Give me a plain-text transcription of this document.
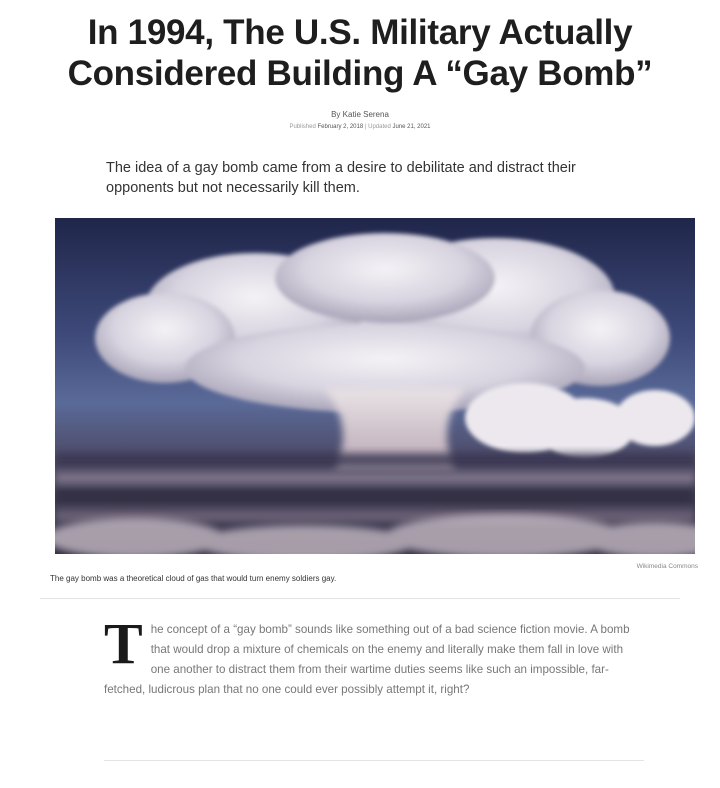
In 1994, The U.S. Military Actually Considered Building A “Gay Bomb”
By Katie Serena
Published February 2, 2018 | Updated June 21, 2021

The idea of a gay bomb came from a desire to debilitate and distract their opponents but not necessarily kill them.

Wikimedia Commons
The gay bomb was a theoretical cloud of gas that would turn enemy soldiers gay.
The concept of a “gay bomb” sounds like something out of a bad science fiction movie. A bomb that would drop a mixture of chemicals on the enemy and literally make them fall in love with one another to distract them from their wartime duties seems like such an impossible, far-fetched, ludicrous plan that no one could ever possibly attempt it, right?
